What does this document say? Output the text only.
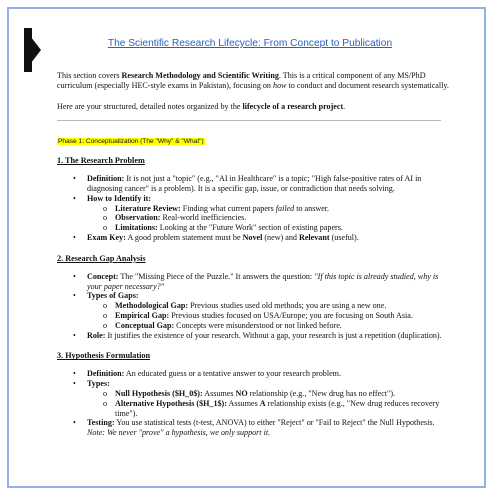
The Scientific Research Lifecycle: From Concept to Publication

This section covers Research Methodology and Scientific Writing. This is a critical component of any MS/PhD curriculum (especially HEC-style exams in Pakistan), focusing on how to conduct and document research systematically.

Here are your structured, detailed notes organized by the lifecycle of a research project.

Phase 1: Conceptualization (The "Why" & "What")
1. The Research Problem
• Definition: It is not just a "topic" (e.g., "AI in Healthcare" is a topic; "High false-positive rates of AI in diagnosing cancer" is a problem). It is a specific gap, issue, or contradiction that needs solving.
• How to Identify it:
o Literature Review: Finding what current papers failed to answer.
o Observation: Real-world inefficiencies.
o Limitations: Looking at the "Future Work" section of existing papers.
• Exam Key: A good problem statement must be Novel (new) and Relevant (useful).
2. Research Gap Analysis
• Concept: The "Missing Piece of the Puzzle." It answers the question: "If this topic is already studied, why is your paper necessary?"
• Types of Gaps:
o Methodological Gap: Previous studies used old methods; you are using a new one.
o Empirical Gap: Previous studies focused on USA/Europe; you are focusing on South Asia.
o Conceptual Gap: Concepts were misunderstood or not linked before.
• Role: It justifies the existence of your research. Without a gap, your research is just a repetition (duplication).
3. Hypothesis Formulation
• Definition: An educated guess or a tentative answer to your research problem.
• Types:
o Null Hypothesis ($H_0$): Assumes NO relationship (e.g., "New drug has no effect").
o Alternative Hypothesis ($H_1$): Assumes A relationship exists (e.g., "New drug reduces recovery time").
• Testing: You use statistical tests (t-test, ANOVA) to either "Reject" or "Fail to Reject" the Null Hypothesis. Note: We never "prove" a hypothesis, we only support it.
